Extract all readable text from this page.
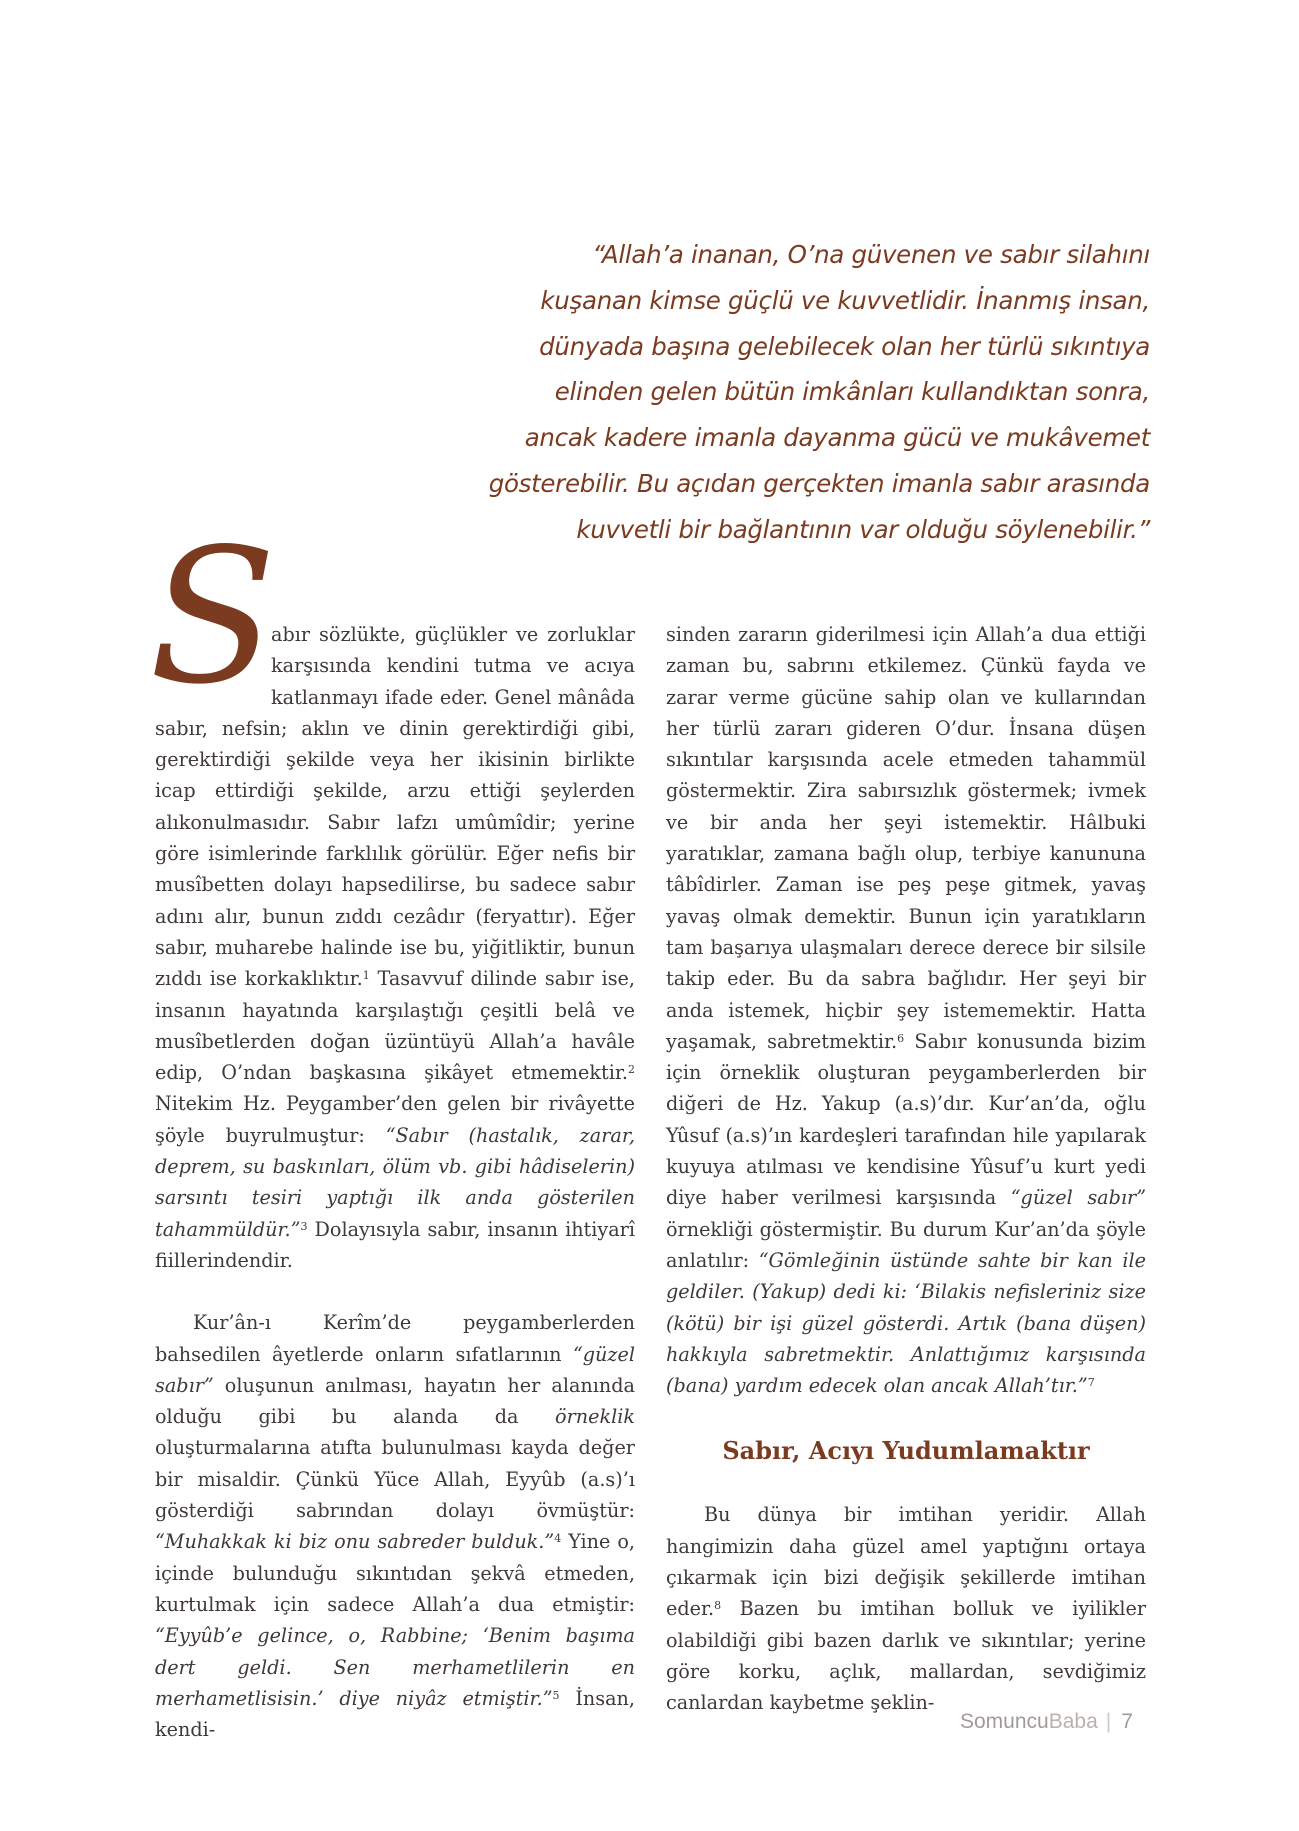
“Allah’a inanan, O’na güvenen ve sabır silahını
kuşanan kimse güçlü ve kuvvetlidir. İnanmış insan,
dünyada başına gelebilecek olan her türlü sıkıntıya
elinden gelen bütün imkânları kullandıktan sonra,
ancak kadere imanla dayanma gücü ve mukâvemet
gösterebilir. Bu açıdan gerçekten imanla sabır arasında
kuvvetli bir bağlantının var olduğu söylenebilir.”

S
abır sözlükte, güçlükler ve zorluklar karşısında kendini tutma ve acıya katlanmayı ifade eder. Genel mânâda sabır, nefsin; aklın ve dinin gerektirdiği gibi, gerektirdiği şekilde veya her ikisinin birlikte icap ettirdiği şekilde, arzu ettiği şeylerden alıkonulmasıdır. Sabır lafzı umûmîdir; yerine göre isimlerinde farklılık görülür. Eğer nefis bir musîbetten dolayı hapsedilirse, bu sadece sabır adını alır, bunun zıddı cezâdır (feryattır). Eğer sabır, muharebe halinde ise bu, yiğitliktir, bunun zıddı ise korkaklıktır.$^1$ Tasavvuf dilinde sabır ise, insanın hayatında karşılaştığı çeşitli belâ ve musîbetlerden doğan üzüntüyü Allah’a havâle edip, O’ndan başkasına şikâyet etmemektir.$^2$ Nitekim Hz. Peygamber’den gelen bir rivâyette şöyle buyrulmuştur: “Sabır (hastalık, zarar, deprem, su baskınları, ölüm vb. gibi hâdiselerin) sarsıntı tesiri yaptığı ilk anda gösterilen tahammüldür.”$^3$ Dolayısıyla sabır, insanın ihtiyarî fiillerindendir.

Kur’ân-ı Kerîm’de peygamberlerden bahsedilen âyetlerde onların sıfatlarının “güzel sabır” oluşunun anılması, hayatın her alanında olduğu gibi bu alanda da örneklik oluşturmalarına atıfta bulunulması kayda değer bir misaldir. Çünkü Yüce Allah, Eyyûb (a.s)’ı gösterdiği sabrından dolayı övmüştür: “Muhakkak ki biz onu sabreder bulduk.”$^4$ Yine o, içinde bulunduğu sıkıntıdan şekvâ etmeden, kurtulmak için sadece Allah’a dua etmiştir: “Eyyûb’e gelince, o, Rabbine; ‘Benim başıma dert geldi. Sen merhametlilerin en merhametlisisin.’ diye niyâz etmiştir.”$^5$ İnsan, kendi-

sinden zararın giderilmesi için Allah’a dua ettiği zaman bu, sabrını etkilemez. Çünkü fayda ve zarar verme gücüne sahip olan ve kullarından her türlü zararı gideren O’dur. İnsana düşen sıkıntılar karşısında acele etmeden tahammül göstermektir. Zira sabırsızlık göstermek; ivmek ve bir anda her şeyi istemektir. Hâlbuki yaratıklar, zamana bağlı olup, terbiye kanununa tâbîdirler. Zaman ise peş peşe gitmek, yavaş yavaş olmak demektir. Bunun için yaratıkların tam başarıya ulaşmaları derece derece bir silsile takip eder. Bu da sabra bağlıdır. Her şeyi bir anda istemek, hiçbir şey istememektir. Hatta yaşamak, sabretmektir.$^6$ Sabır konusunda bizim için örneklik oluşturan peygamberlerden bir diğeri de Hz. Yakup (a.s)’dır. Kur’an’da, oğlu Yûsuf (a.s)’ın kardeşleri tarafından hile yapılarak kuyuya atılması ve kendisine Yûsuf’u kurt yedi diye haber verilmesi karşısında “güzel sabır” örnekliği göstermiştir. Bu durum Kur’an’da şöyle anlatılır: “Gömleğinin üstünde sahte bir kan ile geldiler. (Yakup) dedi ki: ‘Bilakis nefisleriniz size (kötü) bir işi güzel gösterdi. Artık (bana düşen) hakkıyla sabretmektir. Anlattığımız karşısında (bana) yardım edecek olan ancak Allah’tır.”$^7$

Sabır, Acıyı Yudumlamaktır

Bu dünya bir imtihan yeridir. Allah hangimizin daha güzel amel yaptığını ortaya çıkarmak için bizi değişik şekillerde imtihan eder.$^8$ Bazen bu imtihan bolluk ve iyilikler olabildiği gibi bazen darlık ve sıkıntılar; yerine göre korku, açlık, mallardan, sevdiğimiz canlardan kaybetme şeklin-

SomuncuBaba | 7
